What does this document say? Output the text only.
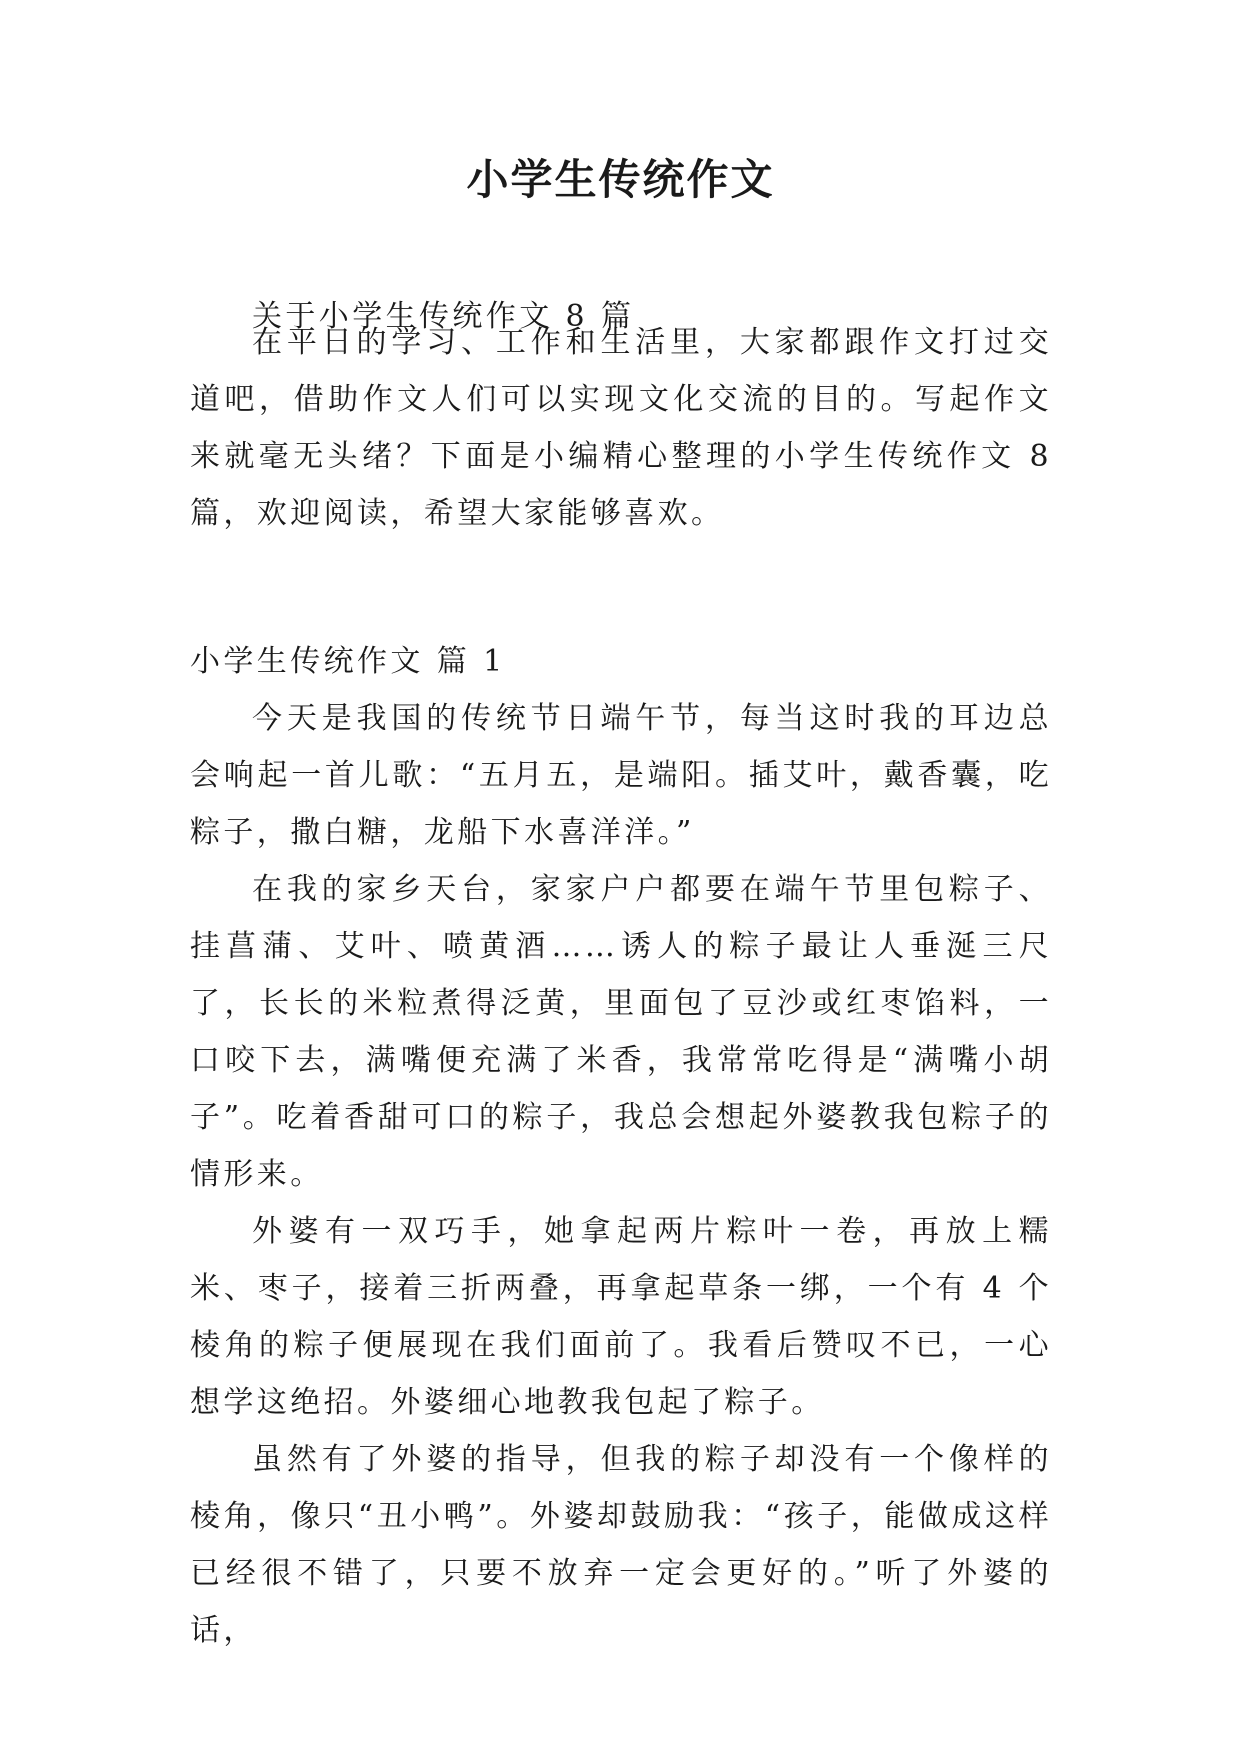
小学生传统作文
关于小学生传统作文 8 篇

在平日的学习、工作和生活里，大家都跟作文打过交道吧，借助作文人们可以实现文化交流的目的。写起作文来就毫无头绪？下面是小编精心整理的小学生传统作文 8 篇，欢迎阅读，希望大家能够喜欢。

小学生传统作文 篇 1

今天是我国的传统节日端午节，每当这时我的耳边总会响起一首儿歌：“五月五，是端阳。插艾叶，戴香囊，吃粽子，撒白糖，龙船下水喜洋洋。”

在我的家乡天台，家家户户都要在端午节里包粽子、挂菖蒲、艾叶、喷黄酒……诱人的粽子最让人垂涎三尺了，长长的米粒煮得泛黄，里面包了豆沙或红枣馅料，一口咬下去，满嘴便充满了米香，我常常吃得是“满嘴小胡子”。吃着香甜可口的粽子，我总会想起外婆教我包粽子的情形来。

外婆有一双巧手，她拿起两片粽叶一卷，再放上糯米、枣子，接着三折两叠，再拿起草条一绑，一个有 4 个棱角的粽子便展现在我们面前了。我看后赞叹不已，一心想学这绝招。外婆细心地教我包起了粽子。

虽然有了外婆的指导，但我的粽子却没有一个像样的棱角，像只“丑小鸭”。外婆却鼓励我：“孩子，能做成这样已经很不错了，只要不放弃一定会更好的。”听了外婆的话，
